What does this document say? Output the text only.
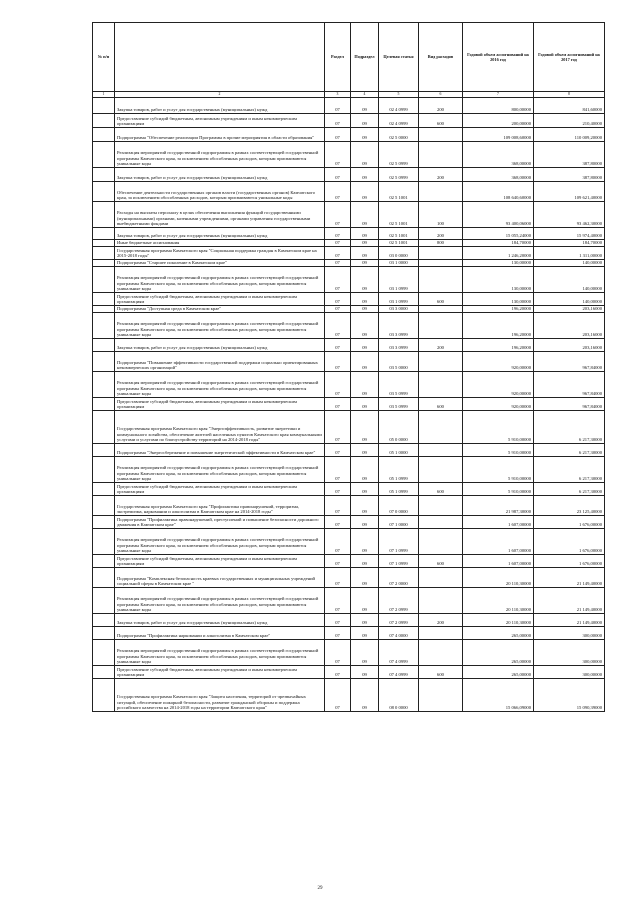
№ п/п		Раздел	Подраздел	Целевая статья	Вид расходов	Годовой объем ассигнований на 2016 год	Годовой объем ассигнований на 2017 год
1	2	3	4	5	6	7	8
	Закупка товаров, работ и услуг для государственных (муниципальных) нужд	07	09	02 4 0999	200	800,00000	841,60000
	Предоставление субсидий бюджетным, автономным учреждениям и иным некоммерческим организациям	07	09	02 4 0999	600	200,00000	210,40000
	Подпрограмма "Обеспечение реализации Программы в прочие мероприятия в области образования"	07	09	02 5 0000		109 008,60000	110 009,20000
	Реализация мероприятий государственной подпрограммы в рамках соответствующей государственной программы Камчатского края, за исключением обособленных расходов, которым присваиваются уникальные коды	07	09	02 5 0999		368,00000	387,80000
	Закупка товаров, работ и услуг для государственных (муниципальных) нужд	07	09	02 5 0999	200	368,00000	387,80000
	Обеспечение деятельности государственных органов власти (государственных органов) Камчатского края, за исключением обособленных расходов, которым присваиваются уникальные коды	07	09	02 5 1001		108 640,60000	109 621,40000
	Расходы на выплаты персоналу в целях обеспечения выполнения функций государственными (муниципальными) органами, казенными учреждениями, органами управления государственными внебюджетными фондами	07	09	02 5 1001	100	93 400,06000	93 462,30000
	Закупка товаров, работ и услуг для государственных (муниципальных) нужд	07	09	02 5 1001	200	15 055,24000	15 974,40000
	Иные бюджетные ассигнования	07	09	02 5 1001	800	184,70000	184,70000
	Государственная программа Камчатского края "Социальная поддержка граждан в Камчатском крае на 2015-2018 годы"	07	09	03 0 0000		1 246,20000	1 311,00000
	Подпрограмма "Старшее поколение в Камчатском крае"	07	09	03 1 0000		130,00000	140,00000
	Реализация мероприятий государственной подпрограммы в рамках соответствующей государственной программы Камчатского края, за исключением обособленных расходов, которым присваиваются уникальные коды	07	09	03 1 0999		130,00000	140,00000
	Предоставление субсидий бюджетным, автономным учреждениям и иным некоммерческим организациям	07	09	03 1 0999	600	130,00000	140,00000
	Подпрограмма "Доступная среда в Камчатском крае"	07	09	03 3 0000		196,20000	203,16000
	Реализация мероприятий государственной подпрограммы в рамках соответствующей государственной программы Камчатского края, за исключением обособленных расходов, которым присваиваются уникальные коды	07	09	03 3 0999		196,20000	203,16000
	Закупка товаров, работ и услуг для государственных (муниципальных) нужд	07	09	03 3 0999	200	196,20000	203,16000
	Подпрограмма "Повышение эффективности государственной поддержки социально ориентированных некоммерческих организаций"	07	09	03 5 0000		920,00000	967,84000
	Реализация мероприятий государственной подпрограммы в рамках соответствующей государственной программы Камчатского края, за исключением обособленных расходов, которым присваиваются уникальные коды	07	09	03 5 0999		920,00000	967,84000
	Предоставление субсидий бюджетным, автономным учреждениям и иным некоммерческим организациям	07	09	03 5 0999	600	920,00000	967,84000
	Государственная программа Камчатского края "Энергоэффективность, развитие энергетики и коммунального хозяйства, обеспечение жителей населенных пунктов Камчатского края коммунальными услугами и услугами по благоустройству территорий на 2014-2018 годы"	07	09	05 0 0000		5 910,00000	6 217,30000
	Подпрограмма "Энергосбережение и повышение энергетической эффективности в Камчатском крае"	07	09	05 1 0000		5 910,00000	6 217,30000
	Реализация мероприятий государственной подпрограммы в рамках соответствующей государственной программы Камчатского края, за исключением обособленных расходов, которым присваиваются уникальные коды	07	09	05 1 0999		5 910,00000	6 217,30000
	Предоставление субсидий бюджетным, автономным учреждениям и иным некоммерческим организациям	07	09	05 1 0999	600	5 910,00000	6 217,30000
	Государственная программа Камчатского края "Профилактика правонарушений, терроризма, экстремизма, наркомании и алкоголизма в Камчатском крае на 2014-2018 годы"	07	09	07 0 0000		21 987,30000	23 125,40000
	Подпрограмма "Профилактика правонарушений, преступлений и повышение безопасности дорожного движения в Камчатском крае"	07	09	07 1 0000		1 607,00000	1 676,00000
	Реализация мероприятий государственной подпрограммы в рамках соответствующей государственной программы Камчатского края, за исключением обособленных расходов, которым присваиваются уникальные коды	07	09	07 1 0999		1 607,00000	1 676,00000
	Предоставление субсидий бюджетным, автономным учреждениям и иным некоммерческим организациям	07	09	07 1 0999	600	1 607,00000	1 676,00000
	Подпрограмма "Комплексная безопасность краевых государственных и муниципальных учреждений социальной сферы в Камчатском крае "	07	09	07 2 0000		20 110,30000	21 149,40000
	Реализация мероприятий государственной подпрограммы в рамках соответствующей государственной программы Камчатского края, за исключением обособленных расходов, которым присваиваются уникальные коды	07	09	07 2 0999		20 110,30000	21 149,40000
	Закупка товаров, работ и услуг для государственных (муниципальных) нужд	07	09	07 2 0999	200	20 110,30000	21 149,40000
	Подпрограмма "Профилактика наркомании и алкоголизма в Камчатском крае"	07	09	07 4 0000		265,00000	300,00000
	Реализация мероприятий государственной подпрограммы в рамках соответствующей государственной программы Камчатского края, за исключением обособленных расходов, которым присваиваются уникальные коды	07	09	07 4 0999		265,00000	300,00000
	Предоставление субсидий бюджетным, автономным учреждениям и иным некоммерческим организациям	07	09	07 4 0999	600	265,00000	300,00000
	Государственная программа Камчатского края "Защита населения, территорий от чрезвычайных ситуаций, обеспечение пожарной безопасности, развитие гражданской обороны и поддержка российского казачества на 2014-2018 годы на территории Камчатского края"	07	09	08 0 0000		15 066,09000	15 090,39000
29
